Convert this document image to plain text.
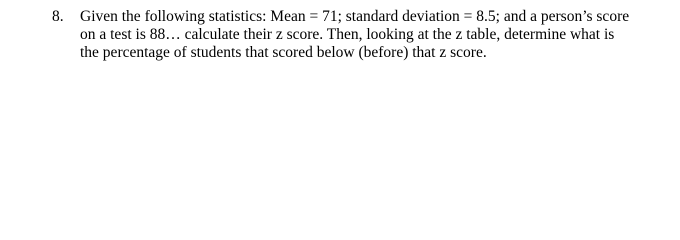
8. Given the following statistics: Mean = 71; standard deviation = 8.5; and a person’s score
on a test is 88… calculate their z score. Then, looking at the z table, determine what is
the percentage of students that scored below (before) that z score.
